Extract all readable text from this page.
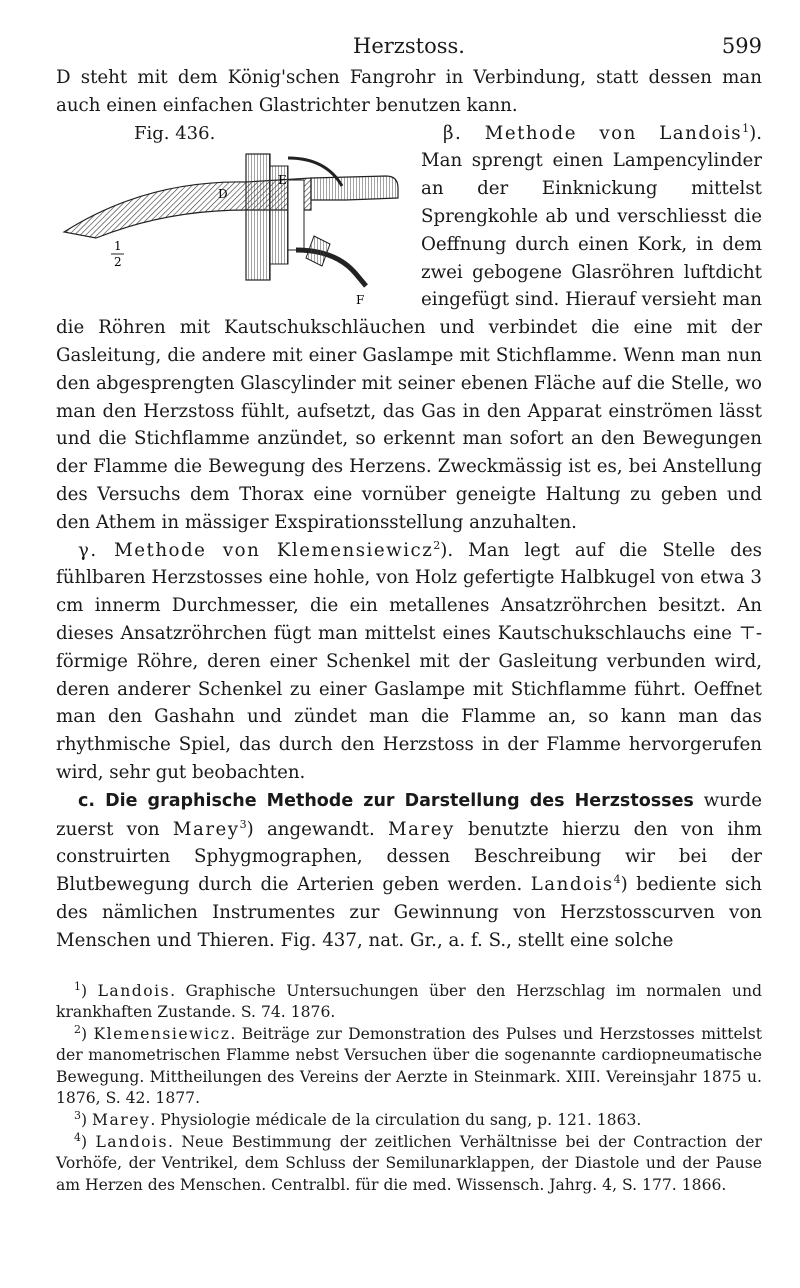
Herzstoss.	599

D steht mit dem König'schen Fangrohr in Verbindung, statt dessen man auch einen einfachen Glastrichter benutzen kann.

Fig. 436.
D
E
F
1
2

β. Methode von Landois$^1$). Man sprengt einen Lampencylinder an der Einknickung mittelst Sprengkohle ab und verschliesst die Oeffnung durch einen Kork, in dem zwei gebogene Glasröhren luftdicht eingefügt sind. Hierauf versieht man die Röhren mit Kautschukschläuchen und verbindet die eine mit der Gasleitung, die andere mit einer Gaslampe mit Stichflamme. Wenn man nun den abgesprengten Glascylinder mit seiner ebenen Fläche auf die Stelle, wo man den Herzstoss fühlt, aufsetzt, das Gas in den Apparat einströmen lässt und die Stichflamme anzündet, so erkennt man sofort an den Bewegungen der Flamme die Bewegung des Herzens. Zweckmässig ist es, bei Anstellung des Versuchs dem Thorax eine vornüber geneigte Haltung zu geben und den Athem in mässiger Exspirationsstellung anzuhalten.

γ. Methode von Klemensiewicz$^2$). Man legt auf die Stelle des fühlbaren Herzstosses eine hohle, von Holz gefertigte Halbkugel von etwa 3 cm innerm Durchmesser, die ein metallenes Ansatzröhrchen besitzt. An dieses Ansatzröhrchen fügt man mittelst eines Kautschukschlauchs eine ⊤-förmige Röhre, deren einer Schenkel mit der Gasleitung verbunden wird, deren anderer Schenkel zu einer Gaslampe mit Stichflamme führt. Oeffnet man den Gashahn und zündet man die Flamme an, so kann man das rhythmische Spiel, das durch den Herzstoss in der Flamme hervorgerufen wird, sehr gut beobachten.

c. Die graphische Methode zur Darstellung des Herzstosses wurde zuerst von Marey$^3$) angewandt. Marey benutzte hierzu den von ihm construirten Sphygmographen, dessen Beschreibung wir bei der Blutbewegung durch die Arterien geben werden. Landois$^4$) bediente sich des nämlichen Instrumentes zur Gewinnung von Herzstosscurven von Menschen und Thieren. Fig. 437, nat. Gr., a. f. S., stellt eine solche

$^1$) Landois. Graphische Untersuchungen über den Herzschlag im normalen und krankhaften Zustande. S. 74. 1876.

$^2$) Klemensiewicz. Beiträge zur Demonstration des Pulses und Herzstosses mittelst der manometrischen Flamme nebst Versuchen über die sogenannte cardiopneumatische Bewegung. Mittheilungen des Vereins der Aerzte in Steinmark. XIII. Vereinsjahr 1875 u. 1876, S. 42. 1877.

$^3$) Marey. Physiologie médicale de la circulation du sang, p. 121. 1863.

$^4$) Landois. Neue Bestimmung der zeitlichen Verhältnisse bei der Contraction der Vorhöfe, der Ventrikel, dem Schluss der Semilunarklappen, der Diastole und der Pause am Herzen des Menschen. Centralbl. für die med. Wissensch. Jahrg. 4, S. 177. 1866.
